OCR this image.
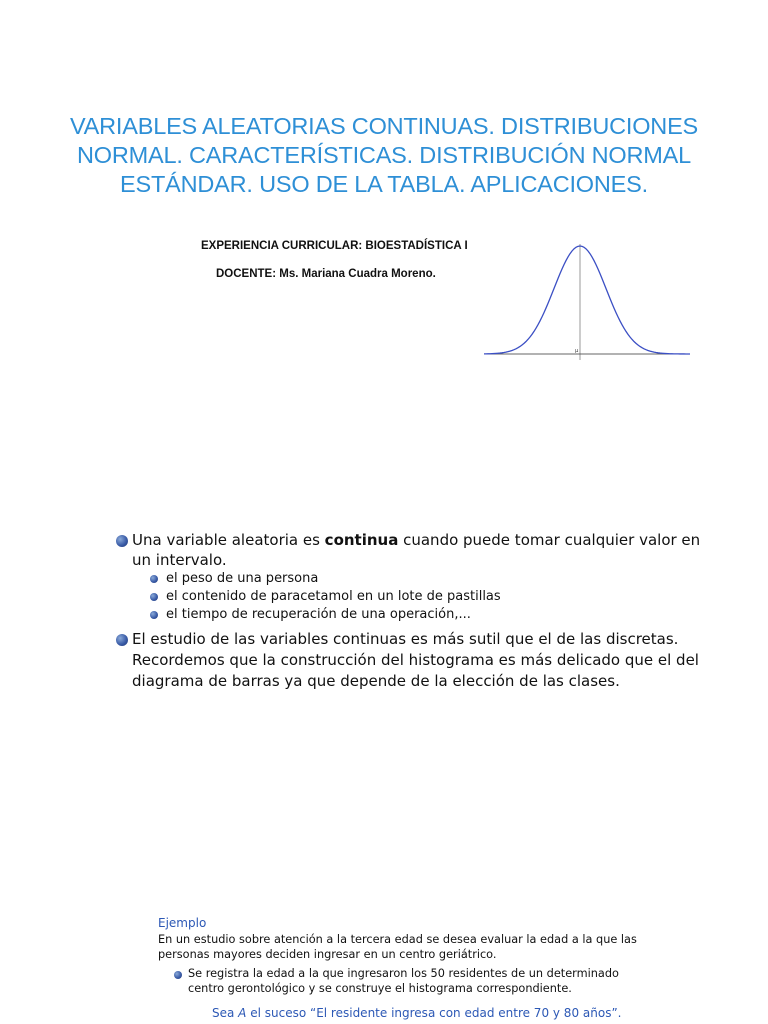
VARIABLES ALEATORIAS CONTINUAS. DISTRIBUCIONES
NORMAL. CARACTERÍSTICAS. DISTRIBUCIÓN NORMAL
ESTÁNDAR. USO DE LA TABLA. APLICACIONES.
EXPERIENCIA CURRICULAR: BIOESTADÍSTICA I
DOCENTE: Ms. Mariana Cuadra Moreno.
μ
Una variable aleatoria es continua cuando puede tomar cualquier valor en
un intervalo.
el peso de una persona
el contenido de paracetamol en un lote de pastillas
el tiempo de recuperación de una operación,...
El estudio de las variables continuas es más sutil que el de las discretas.
Recordemos que la construcción del histograma es más delicado que el del
diagrama de barras ya que depende de la elección de las clases.
Ejemplo
En un estudio sobre atención a la tercera edad se desea evaluar la edad a la que las
personas mayores deciden ingresar en un centro geriátrico.
Se registra la edad a la que ingresaron los 50 residentes de un determinado
centro gerontológico y se construye el histograma correspondiente.
Sea A el suceso “El residente ingresa con edad entre 70 y 80 años”.
